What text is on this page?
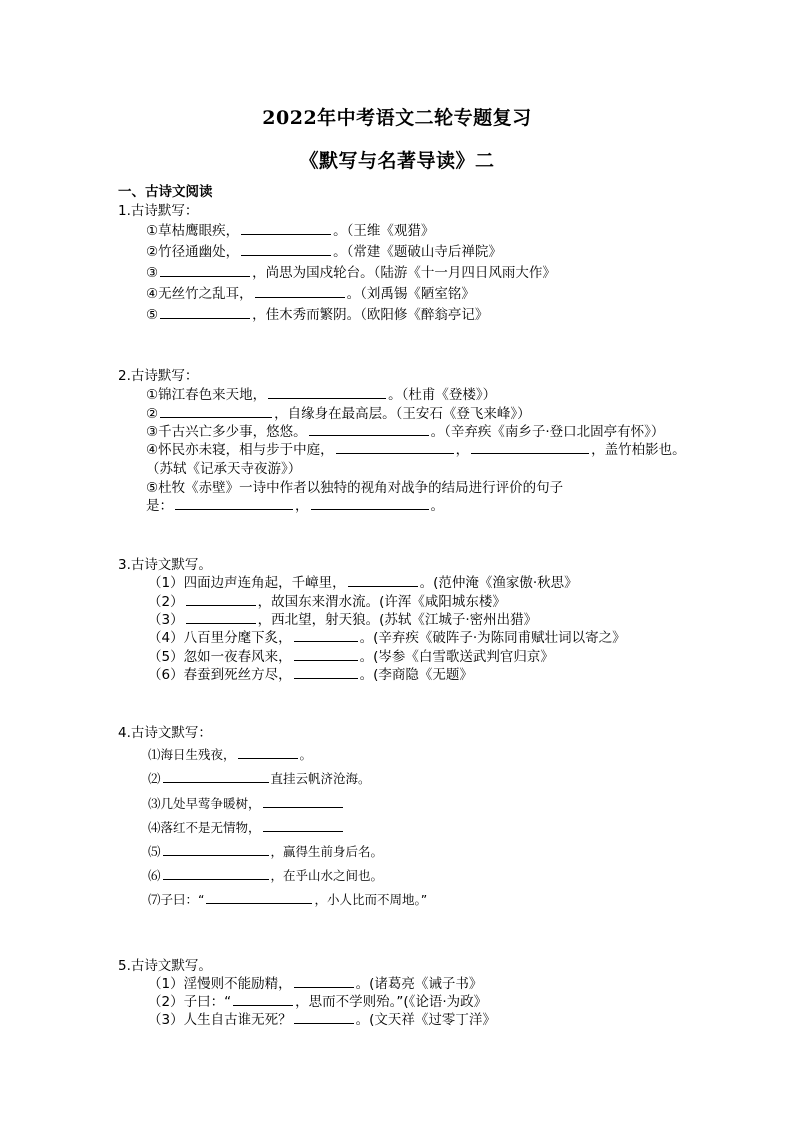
2022年中考语文二轮专题复习
《默写与名著导读》二
一、古诗文阅读
1.古诗默写：
①草枯鹰眼疾，	。（王维《观猎》
②竹径通幽处，	。（常建《题破山寺后禅院》
③	，尚思为国戍轮台。（陆游《十一月四日风雨大作》
④无丝竹之乱耳，	。（刘禹锡《陋室铭》
⑤	，佳木秀而繁阴。（欧阳修《醉翁亭记》
2.古诗默写：
①锦江春色来天地，	。（杜甫《登楼》）
②	，自缘身在最高层。（王安石《登飞来峰》）
③千古兴亡多少事，悠悠。	。（辛弃疾《南乡子·登口北固亭有怀》）
④怀民亦未寝，相与步于中庭，	，	，盖竹柏影也。
（苏轼《记承天寺夜游》）
⑤杜牧《赤壁》一诗中作者以独特的视角对战争的结局进行评价的句子
是：	，	。
3.古诗文默写。
（1）四面边声连角起，千嶂里，	。(范仲淹《渔家傲·秋思》
（2）	，故国东来渭水流。(许浑《咸阳城东楼》
（3）	，西北望，射天狼。(苏轼《江城子·密州出猎》
（4）八百里分麾下炙，	。(辛弃疾《破阵子·为陈同甫赋壮词以寄之》
（5）忽如一夜春风来，	。(岑参《白雪歌送武判官归京》
（6）春蚕到死丝方尽，	。(李商隐《无题》
4.古诗文默写：
⑴海日生残夜，	。
⑵	直挂云帆济沧海。
⑶几处早莺争暖树，
⑷落红不是无情物，
⑸	，赢得生前身后名。
⑹	，在乎山水之间也。
⑺子曰：“	，小人比而不周地。”
5.古诗文默写。
（1）淫慢则不能励精，	。(诸葛亮《诫子书》
（2）子曰：“	，思而不学则殆。”(《论语·为政》
（3）人生自古谁无死？	。(文天祥《过零丁洋》
